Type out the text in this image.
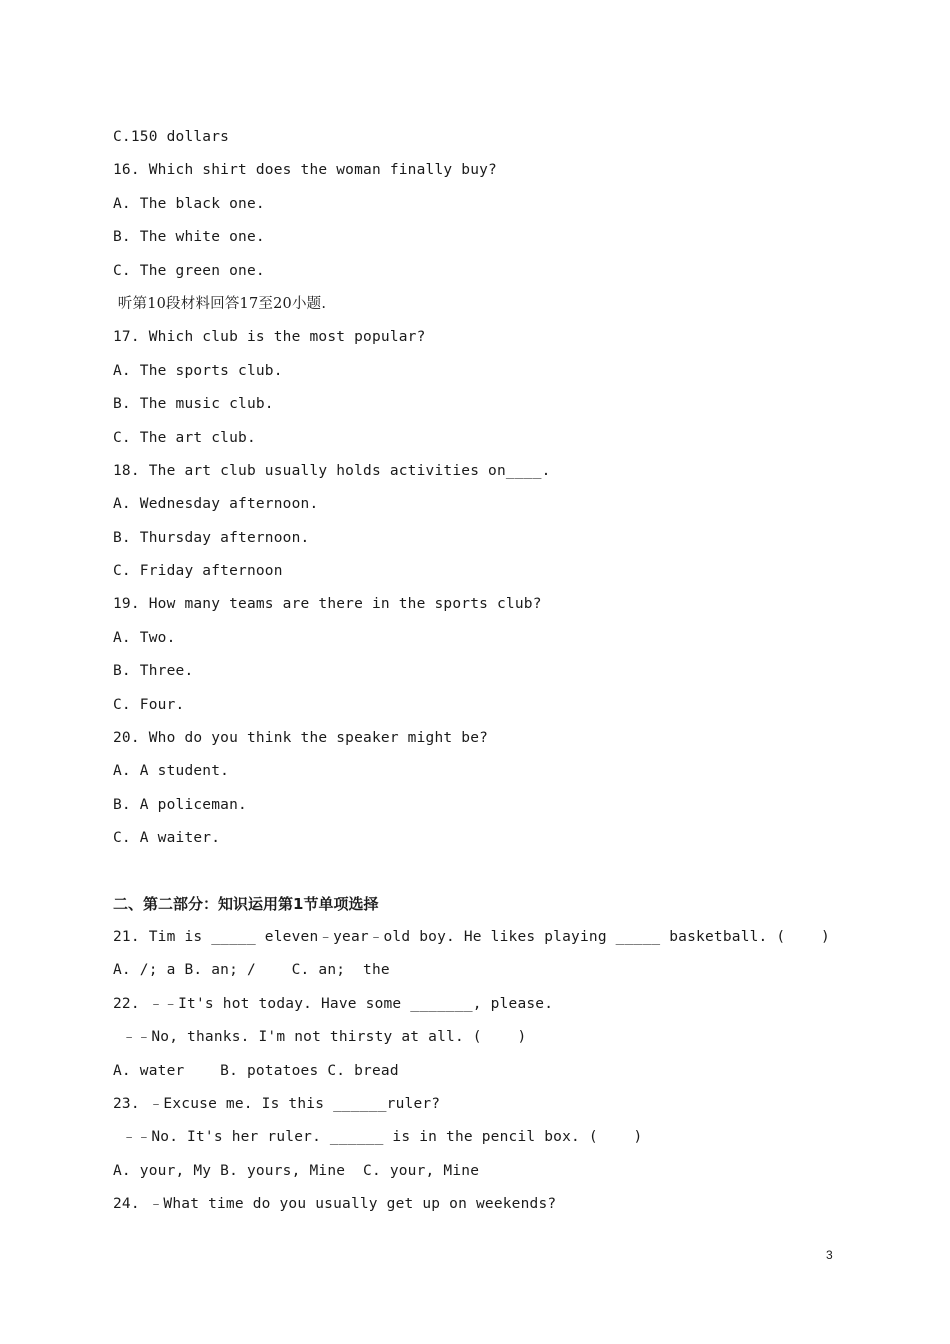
C.150 dollars
16. Which shirt does the woman finally buy?
A. The black one.
B. The white one.
C. The green one.
听第10段材料回答17至20小题.
17. Which club is the most popular?
A. The sports club.
B. The music club.
C. The art club.
18. The art club usually holds activities on____.
A. Wednesday afternoon.
B. Thursday afternoon.
C. Friday afternoon
19. How many teams are there in the sports club?
A. Two.
B. Three.
C. Four.
20. Who do you think the speaker might be?
A. A student.
B. A policeman.
C. A waiter.
二、第二部分：知识运用第1节单项选择
21. Tim is _____ eleven﹣year﹣old boy. He likes playing _____ basketball. (    )
A. /; a B. an; /    C. an;  the
22. ﹣﹣It's hot today. Have some _______, please.
﹣﹣No, thanks. I'm not thirsty at all. (    )
A. water    B. potatoes C. bread
23. ﹣Excuse me. Is this ______ruler?
﹣﹣No. It's her ruler. ______ is in the pencil box. (    )
A. your, My B. yours, Mine  C. your, Mine
24. ﹣What time do you usually get up on weekends?
3
